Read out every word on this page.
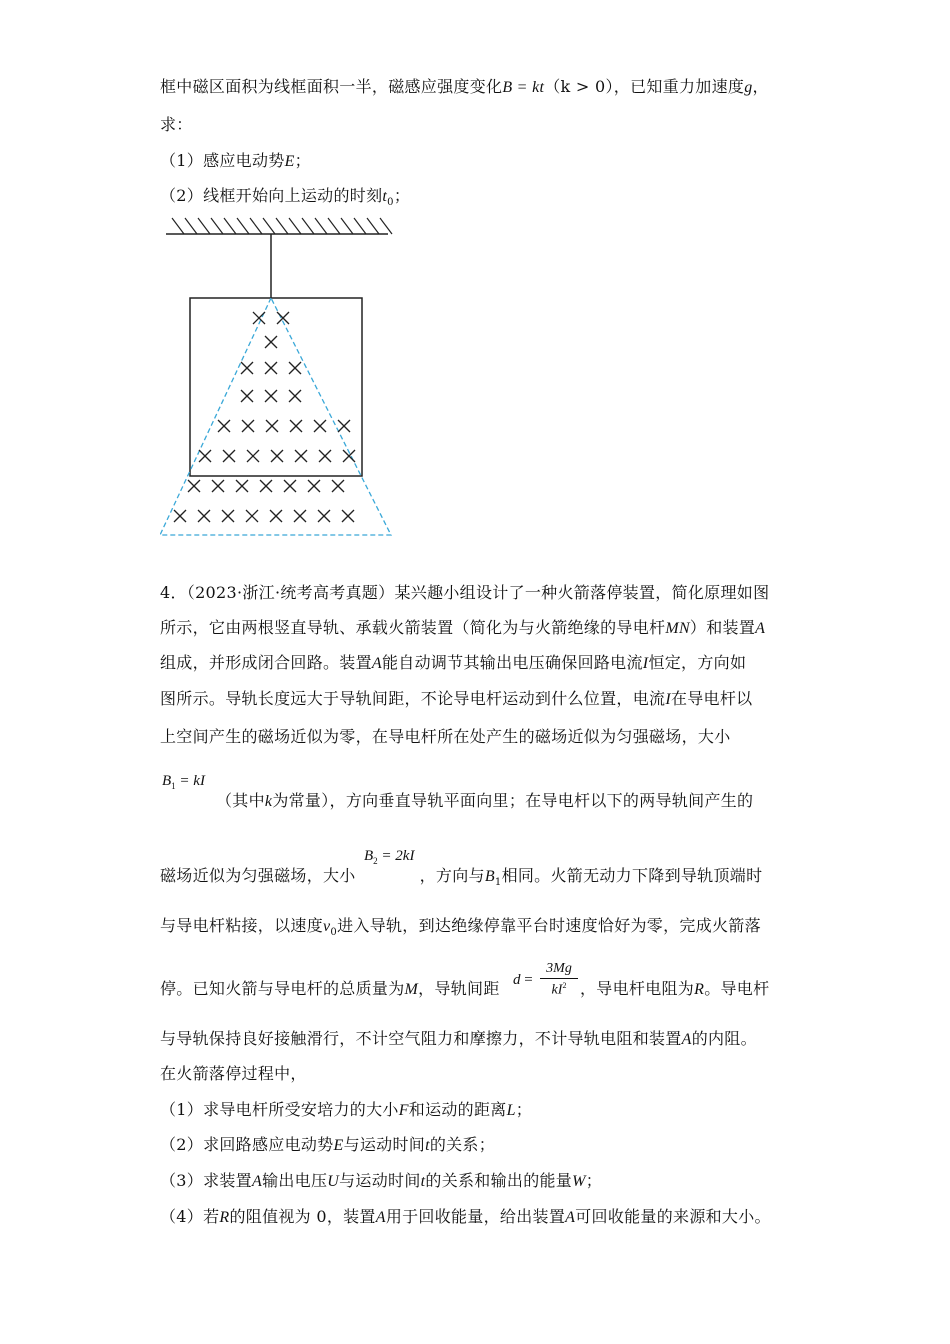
框中磁区面积为线框面积一半，磁感应强度变化B = kt（k > 0），已知重力加速度g，
求：
（1）感应电动势E；
（2）线框开始向上运动的时刻$t_0$；
4．（2023·浙江·统考高考真题）某兴趣小组设计了一种火箭落停装置，简化原理如图
所示，它由两根竖直导轨、承载火箭装置（简化为与火箭绝缘的导电杆MN）和装置A
组成，并形成闭合回路。装置A能自动调节其输出电压确保回路电流I恒定，方向如
图所示。导轨长度远大于导轨间距，不论导电杆运动到什么位置，电流I在导电杆以
上空间产生的磁场近似为零，在导电杆所在处产生的磁场近似为匀强磁场，大小
$B_1$ = kI
（其中k为常量），方向垂直导轨平面向里；在导电杆以下的两导轨间产生的
$B_2 = 2kI$
磁场近似为匀强磁场，大小	，方向与$B_1$相同。火箭无动力下降到导轨顶端时
与导电杆粘接，以速度$v_0$进入导轨，到达绝缘停靠平台时速度恰好为零，完成火箭落
停。已知火箭与导电杆的总质量为M，导轨间距 d =
3Mg
$kI^2$ ，导电杆电阻为R。导电杆
与导轨保持良好接触滑行，不计空气阻力和摩擦力，不计导轨电阻和装置A的内阻。
在火箭落停过程中，
（1）求导电杆所受安培力的大小F和运动的距离L；
（2）求回路感应电动势E与运动时间t的关系；
（3）求装置A输出电压U与运动时间t的关系和输出的能量W；
（4）若R的阻值视为 0，装置A用于回收能量，给出装置A可回收能量的来源和大小。
